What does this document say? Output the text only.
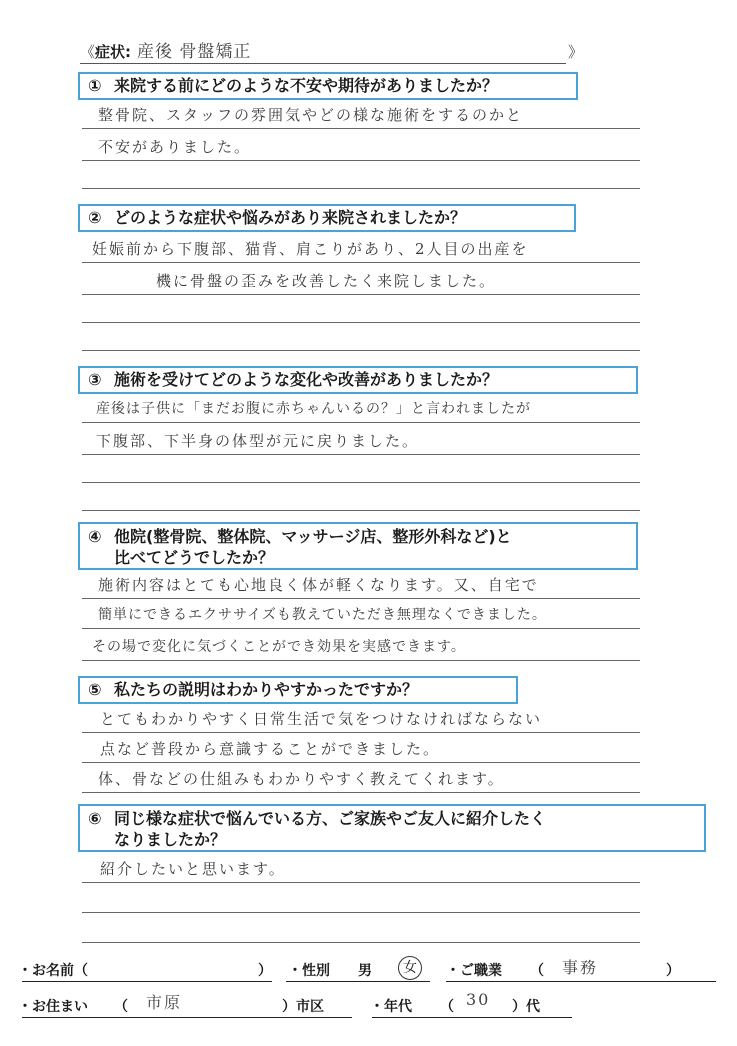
《症状: 産後 骨盤矯正	》
① 来院する前にどのような不安や期待がありましたか？
整骨院、スタッフの雰囲気やどの様な施術をするのかと
不安がありました。
② どのような症状や悩みがあり来院されましたか？
妊娠前から下腹部、猫背、肩こりがあり、2人目の出産を
機に骨盤の歪みを改善したく来院しました。
③ 施術を受けてどのような変化や改善がありましたか？
産後は子供に「まだお腹に赤ちゃんいるの？」と言われましたが
下腹部、下半身の体型が元に戻りました。
④ 他院(整骨院、整体院、マッサージ店、整形外科など)と
比べてどうでしたか？
施術内容はとても心地良く体が軽くなります。又、自宅で
簡単にできるエクササイズも教えていただき無理なくできました。
その場で変化に気づくことができ効果を実感できます。
⑤ 私たちの説明はわかりやすかったですか？
とてもわかりやすく日常生活で気をつけなければならない
点など普段から意識することができました。
体、骨などの仕組みもわかりやすく教えてくれます。
⑥ 同じ様な症状で悩んでいる方、ご家族やご友人に紹介したく
なりましたか？
紹介したいと思います。
・お名前（	） ・性別 男	女	・ご職業 （ 事務	）
・お住まい （ 市原	）市区	・年代 （ 30 ）代
